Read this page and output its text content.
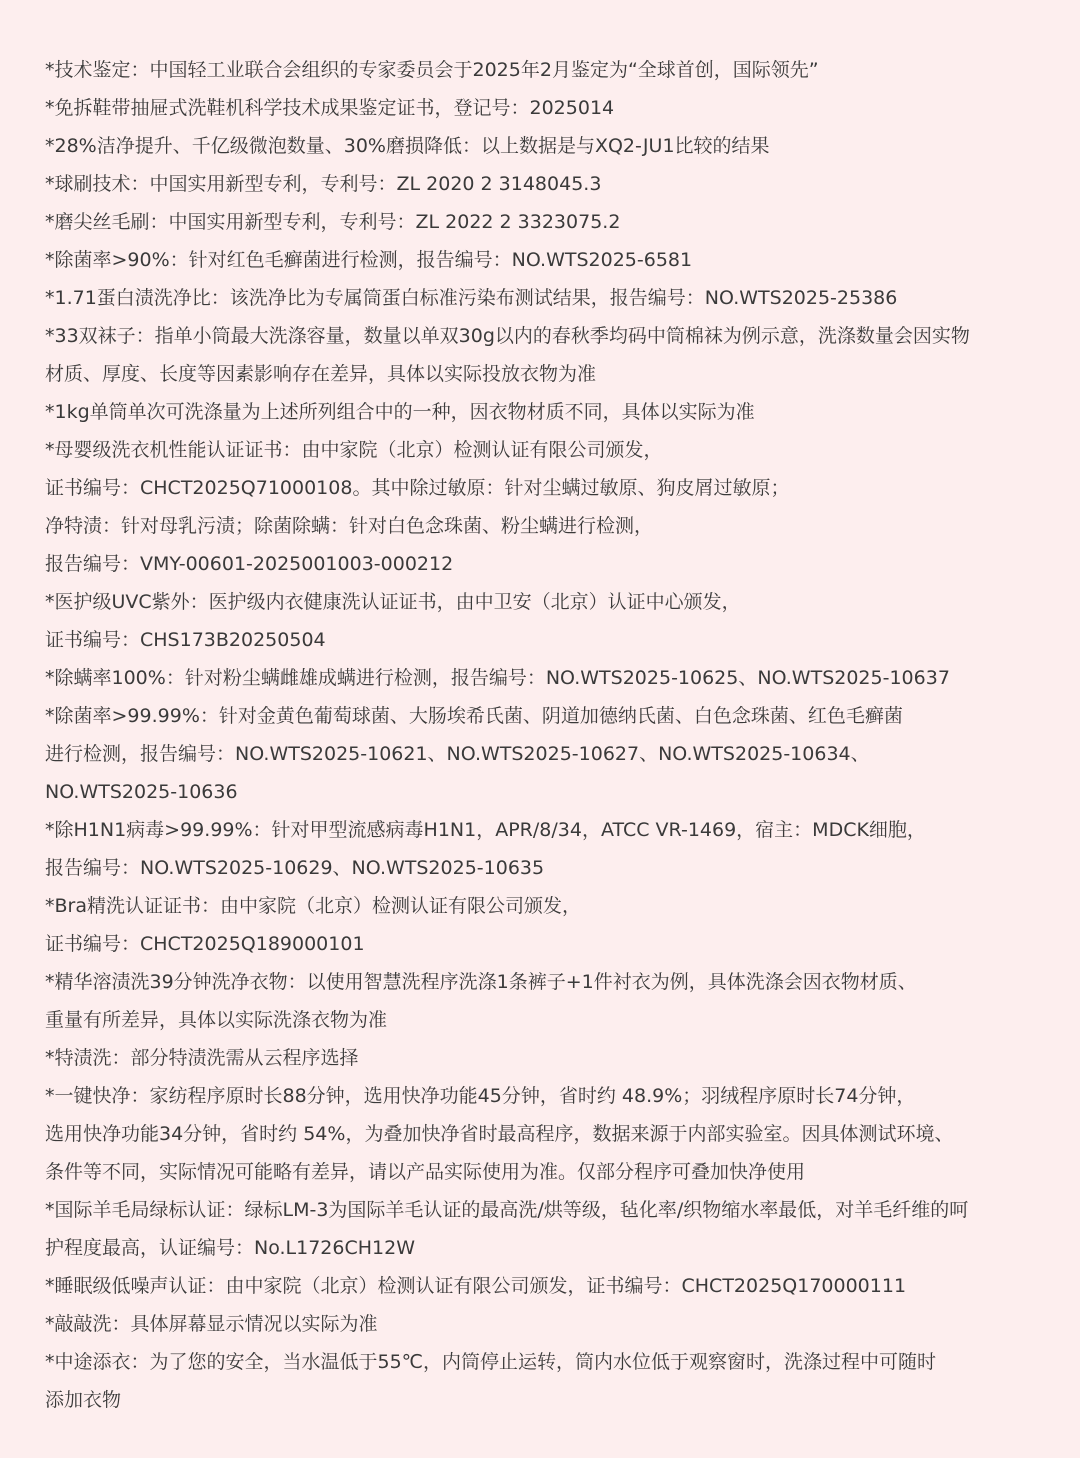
*技术鉴定：中国轻工业联合会组织的专家委员会于2025年2月鉴定为“全球首创，国际领先”
*免拆鞋带抽屉式洗鞋机科学技术成果鉴定证书，登记号：2025014
*28%洁净提升、千亿级微泡数量、30%磨损降低：以上数据是与XQ2-JU1比较的结果
*球刷技术：中国实用新型专利，专利号：ZL 2020 2 3148045.3
*磨尖丝毛刷：中国实用新型专利，专利号：ZL 2022 2 3323075.2
*除菌率>90%：针对红色毛癣菌进行检测，报告编号：NO.WTS2025-6581
*1.71蛋白渍洗净比：该洗净比为专属筒蛋白标准污染布测试结果，报告编号：NO.WTS2025-25386
*33双袜子：指单小筒最大洗涤容量，数量以单双30g以内的春秋季均码中筒棉袜为例示意，洗涤数量会因实物
材质、厚度、长度等因素影响存在差异，具体以实际投放衣物为准
*1kg单筒单次可洗涤量为上述所列组合中的一种，因衣物材质不同，具体以实际为准
*母婴级洗衣机性能认证证书：由中家院（北京）检测认证有限公司颁发，
证书编号：CHCT2025Q71000108。其中除过敏原：针对尘螨过敏原、狗皮屑过敏原；
净特渍：针对母乳污渍；除菌除螨：针对白色念珠菌、粉尘螨进行检测，
报告编号：VMY-00601-2025001003-000212
*医护级UVC紫外：医护级内衣健康洗认证证书，由中卫安（北京）认证中心颁发，
证书编号：CHS173B20250504
*除螨率100%：针对粉尘螨雌雄成螨进行检测，报告编号：NO.WTS2025-10625、NO.WTS2025-10637
*除菌率>99.99%：针对金黄色葡萄球菌、大肠埃希氏菌、阴道加德纳氏菌、白色念珠菌、红色毛癣菌
进行检测，报告编号：NO.WTS2025-10621、NO.WTS2025-10627、NO.WTS2025-10634、
NO.WTS2025-10636
*除H1N1病毒>99.99%：针对甲型流感病毒H1N1，APR/8/34，ATCC VR-1469，宿主：MDCK细胞，
报告编号：NO.WTS2025-10629、NO.WTS2025-10635
*Bra精洗认证证书：由中家院（北京）检测认证有限公司颁发，
证书编号：CHCT2025Q189000101
*精华溶渍洗39分钟洗净衣物：以使用智慧洗程序洗涤1条裤子+1件衬衣为例，具体洗涤会因衣物材质、
重量有所差异，具体以实际洗涤衣物为准
*特渍洗：部分特渍洗需从云程序选择
*一键快净：家纺程序原时长88分钟，选用快净功能45分钟，省时约 48.9%；羽绒程序原时长74分钟，
选用快净功能34分钟，省时约 54%，为叠加快净省时最高程序，数据来源于内部实验室。因具体测试环境、
条件等不同，实际情况可能略有差异，请以产品实际使用为准。仅部分程序可叠加快净使用
*国际羊毛局绿标认证：绿标LM-3为国际羊毛认证的最高洗/烘等级，毡化率/织物缩水率最低，对羊毛纤维的呵
护程度最高，认证编号：No.L1726CH12W
*睡眠级低噪声认证：由中家院（北京）检测认证有限公司颁发，证书编号：CHCT2025Q170000111
*敲敲洗：具体屏幕显示情况以实际为准
*中途添衣：为了您的安全，当水温低于55℃，内筒停止运转，筒内水位低于观察窗时，洗涤过程中可随时
添加衣物
